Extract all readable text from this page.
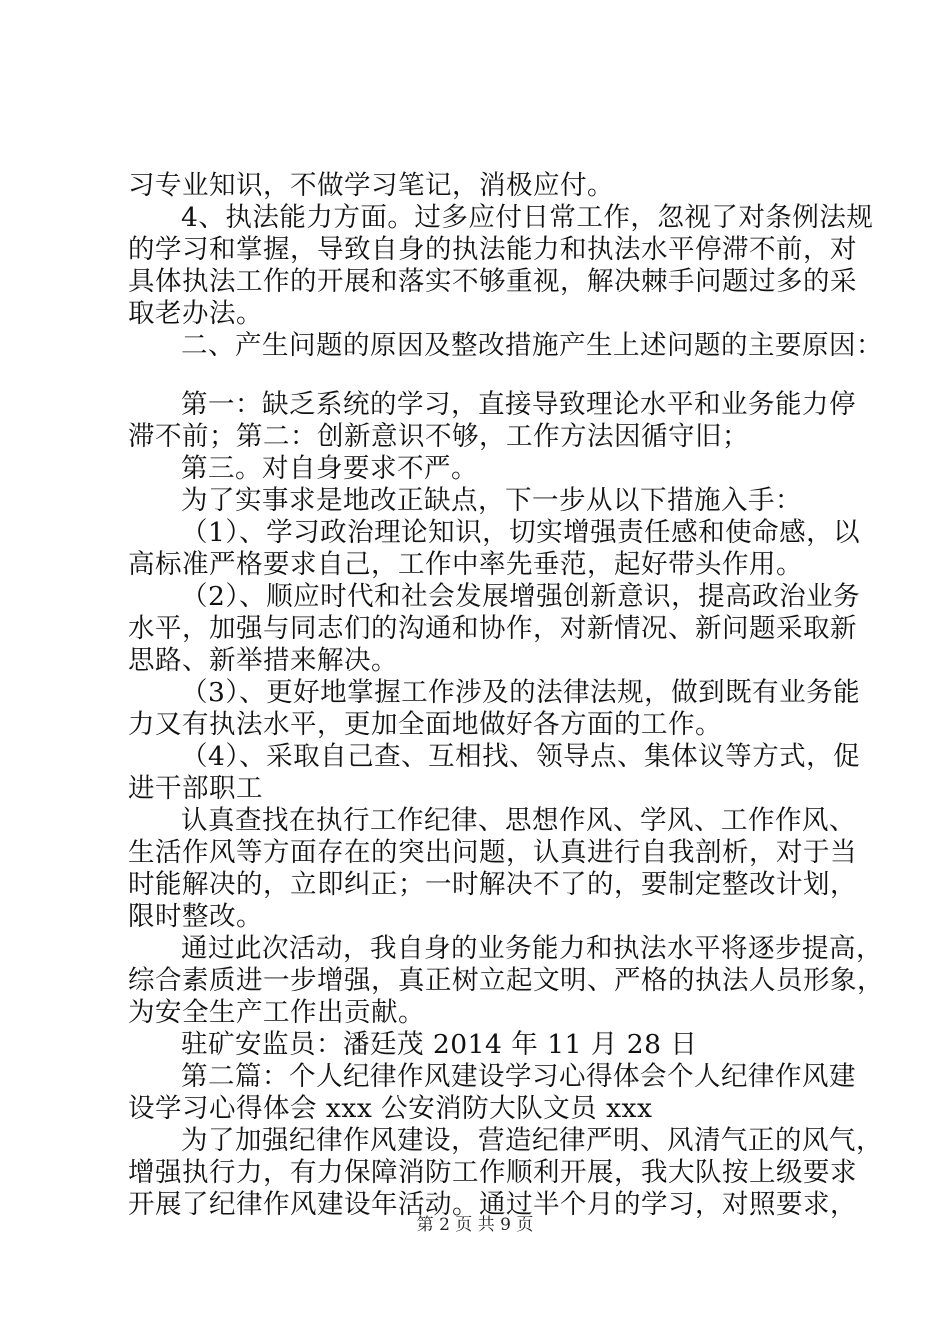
习专业知识，不做学习笔记，消极应付。
4、执法能力方面。过多应付日常工作，忽视了对条例法规
的学习和掌握，导致自身的执法能力和执法水平停滞不前，对
具体执法工作的开展和落实不够重视，解决棘手问题过多的采
取老办法。
二、产生问题的原因及整改措施产生上述问题的主要原因：
第一：缺乏系统的学习，直接导致理论水平和业务能力停
滞不前；第二：创新意识不够，工作方法因循守旧；
第三。对自身要求不严。
为了实事求是地改正缺点，下一步从以下措施入手：
（1）、学习政治理论知识，切实增强责任感和使命感，以
高标准严格要求自己，工作中率先垂范，起好带头作用。
（2）、顺应时代和社会发展增强创新意识，提高政治业务
水平，加强与同志们的沟通和协作，对新情况、新问题采取新
思路、新举措来解决。
（3）、更好地掌握工作涉及的法律法规，做到既有业务能
力又有执法水平，更加全面地做好各方面的工作。
（4）、采取自己查、互相找、领导点、集体议等方式，促
进干部职工
认真查找在执行工作纪律、思想作风、学风、工作作风、
生活作风等方面存在的突出问题，认真进行自我剖析，对于当
时能解决的，立即纠正；一时解决不了的，要制定整改计划，
限时整改。
通过此次活动，我自身的业务能力和执法水平将逐步提高，
综合素质进一步增强，真正树立起文明、严格的执法人员形象，
为安全生产工作出贡献。
驻矿安监员：潘廷茂 2014 年 11 月 28 日
第二篇：个人纪律作风建设学习心得体会个人纪律作风建
设学习心得体会 xxx 公安消防大队文员 xxx
为了加强纪律作风建设，营造纪律严明、风清气正的风气，
增强执行力，有力保障消防工作顺利开展，我大队按上级要求
开展了纪律作风建设年活动。通过半个月的学习，对照要求，
第 2 页 共 9 页
